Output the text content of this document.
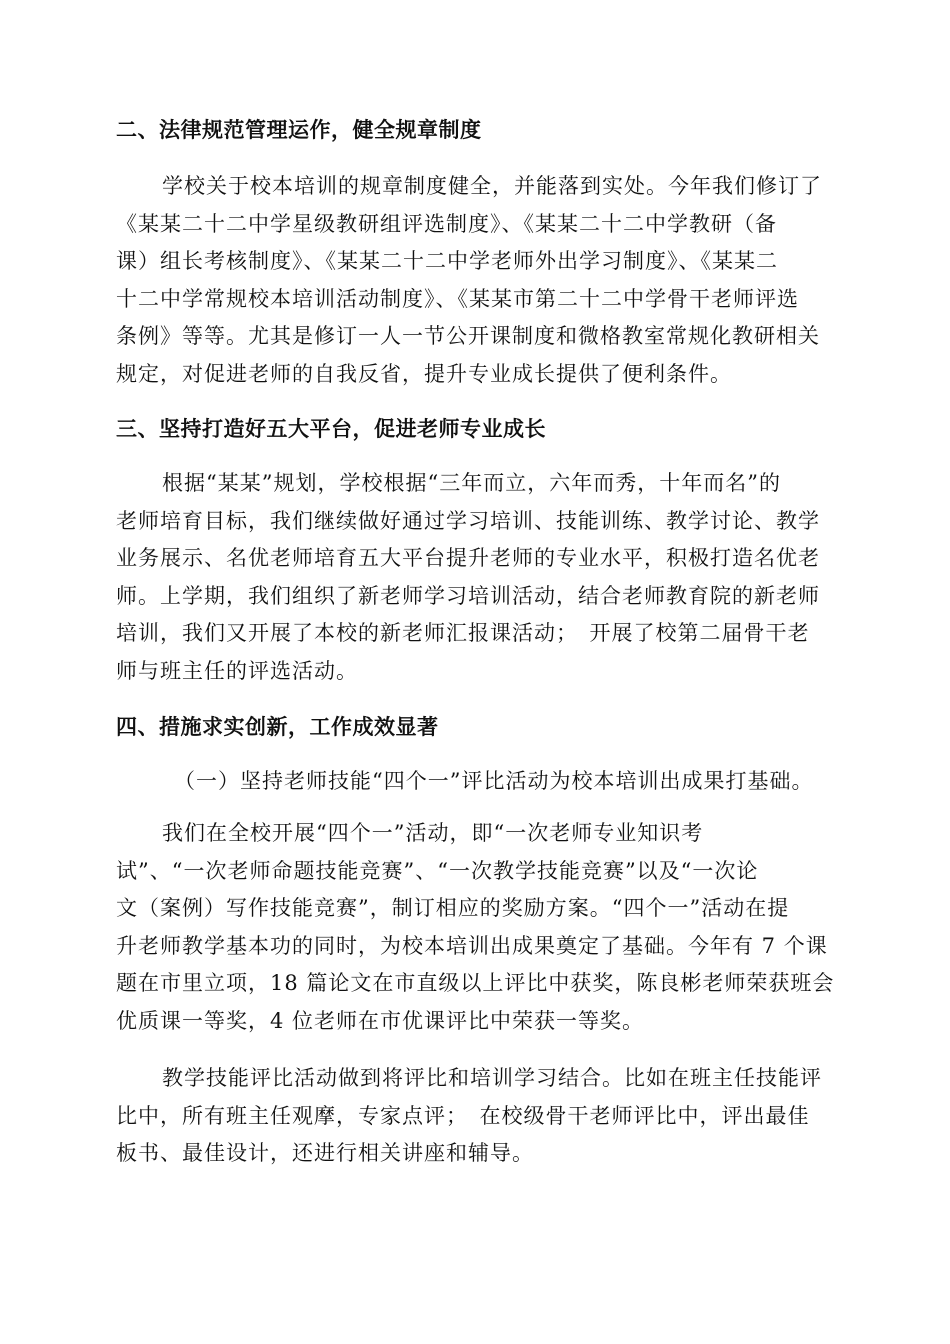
二、法律规范管理运作，健全规章制度
学校关于校本培训的规章制度健全，并能落到实处。今年我们修订了
《某某二十二中学星级教研组评选制度》、《某某二十二中学教研（备
课）组长考核制度》、《某某二十二中学老师外出学习制度》、《某某二
十二中学常规校本培训活动制度》、《某某市第二十二中学骨干老师评选
条例》等等。尤其是修订一人一节公开课制度和微格教室常规化教研相关
规定，对促进老师的自我反省，提升专业成长提供了便利条件。
三、坚持打造好五大平台，促进老师专业成长
根据“某某”规划，学校根据“三年而立，六年而秀，十年而名”的
老师培育目标，我们继续做好通过学习培训、技能训练、教学讨论、教学
业务展示、名优老师培育五大平台提升老师的专业水平，积极打造名优老
师。上学期，我们组织了新老师学习培训活动，结合老师教育院的新老师
培训，我们又开展了本校的新老师汇报课活动；　开展了校第二届骨干老
师与班主任的评选活动。
四、措施求实创新，工作成效显著
（一）坚持老师技能“四个一”评比活动为校本培训出成果打基础。
我们在全校开展“四个一”活动，即“一次老师专业知识考
试”、“一次老师命题技能竞赛”、“一次教学技能竞赛”以及“一次论
文（案例）写作技能竞赛”，制订相应的奖励方案。“四个一”活动在提
升老师教学基本功的同时，为校本培训出成果奠定了基础。今年有 7 个课
题在市里立项，18 篇论文在市直级以上评比中获奖，陈良彬老师荣获班会
优质课一等奖，4 位老师在市优课评比中荣获一等奖。
教学技能评比活动做到将评比和培训学习结合。比如在班主任技能评
比中，所有班主任观摩，专家点评；　在校级骨干老师评比中，评出最佳
板书、最佳设计，还进行相关讲座和辅导。
